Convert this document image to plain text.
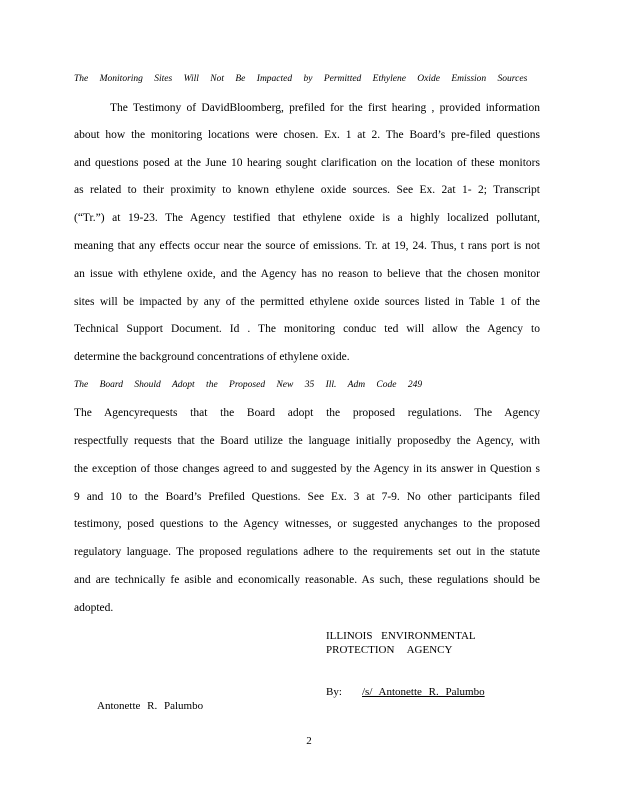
The Monitoring Sites Will Not Be Impacted by Permitted Ethylene Oxide Emission Sources
The Testimony of DavidBloomberg, prefiled for the first hearing , provided information
about how the monitoring locations were chosen. Ex. 1 at 2. The Board’s pre-filed questions
and questions posed at the June 10 hearing sought clarification on the location of these monitors
as related to their proximity to known ethylene oxide sources. See Ex. 2at 1- 2; Transcript
(“Tr.”) at 19-23. The Agency testified that ethylene oxide is a highly localized pollutant,
meaning that any effects occur near the source of emissions. Tr. at 19, 24. Thus, t rans port is not
an issue with ethylene oxide, and the Agency has no reason to believe that the chosen monitor
sites will be impacted by any of the permitted ethylene oxide sources listed in Table 1 of the
Technical Support Document. Id . The monitoring conduc ted will allow the Agency to
determine the background concentrations of ethylene oxide.
The Board Should Adopt the Proposed New 35 Ill. Adm Code 249
The Agencyrequests that the Board adopt the proposed regulations. The Agency
respectfully requests that the Board utilize the language initially proposedby the Agency, with
the exception of those changes agreed to and suggested by the Agency in its answer in Question s
9 and 10 to the Board’s Prefiled Questions. See Ex. 3 at 7-9. No other participants filed
testimony, posed questions to the Agency witnesses, or suggested anychanges to the proposed
regulatory language. The proposed regulations adhere to the requirements set out in the statute
and are technically fe asible and economically reasonable. As such, these regulations should be
adopted.
ILLINOIS ENVIRONMENTAL
PROTECTION AGENCY
By: /s/ Antonette R. Palumbo
Antonette R. Palumbo
2
